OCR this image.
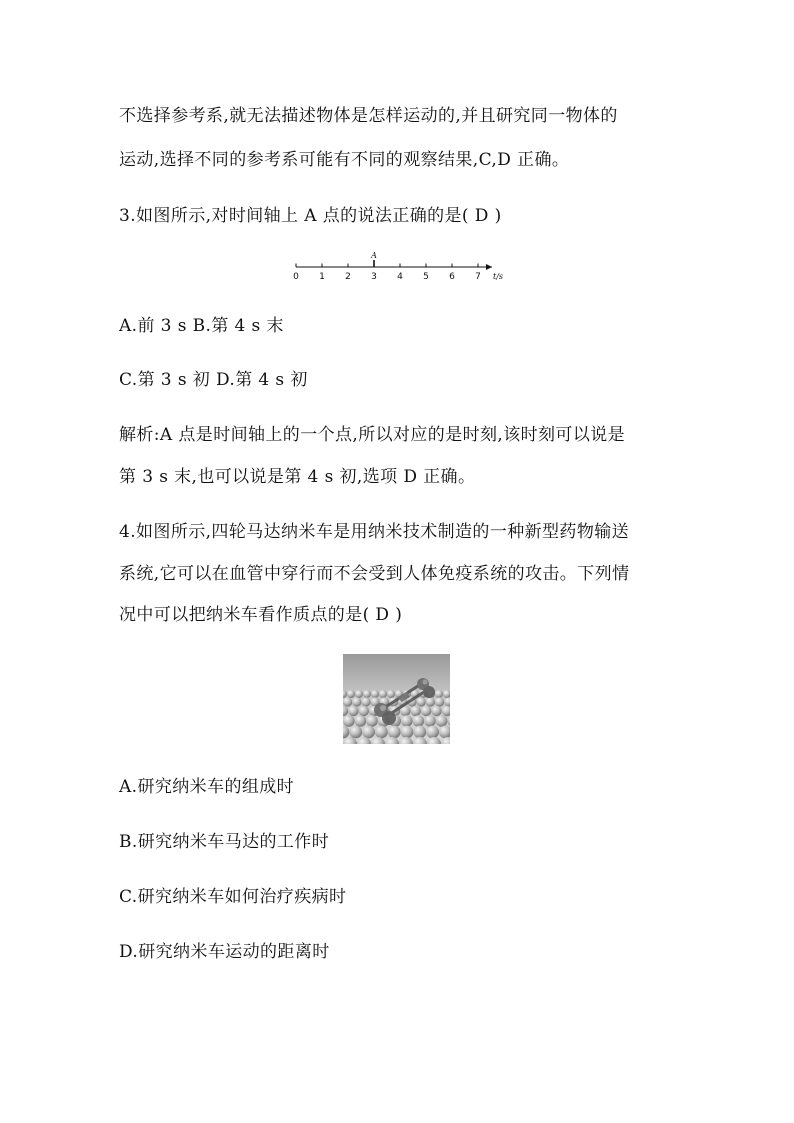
不选择参考系,就无法描述物体是怎样运动的,并且研究同一物体的
运动,选择不同的参考系可能有不同的观察结果,C,D 正确。
3.如图所示,对时间轴上 A 点的说法正确的是( D )
0 1 2 3 4 5 6 7 t/s
A
A.前 3 s B.第 4 s 末
C.第 3 s 初 D.第 4 s 初
解析:A 点是时间轴上的一个点,所以对应的是时刻,该时刻可以说是
第 3 s 末,也可以说是第 4 s 初,选项 D 正确。
4.如图所示,四轮马达纳米车是用纳米技术制造的一种新型药物输送
系统,它可以在血管中穿行而不会受到人体免疫系统的攻击。下列情
况中可以把纳米车看作质点的是( D )
A.研究纳米车的组成时
B.研究纳米车马达的工作时
C.研究纳米车如何治疗疾病时
D.研究纳米车运动的距离时
